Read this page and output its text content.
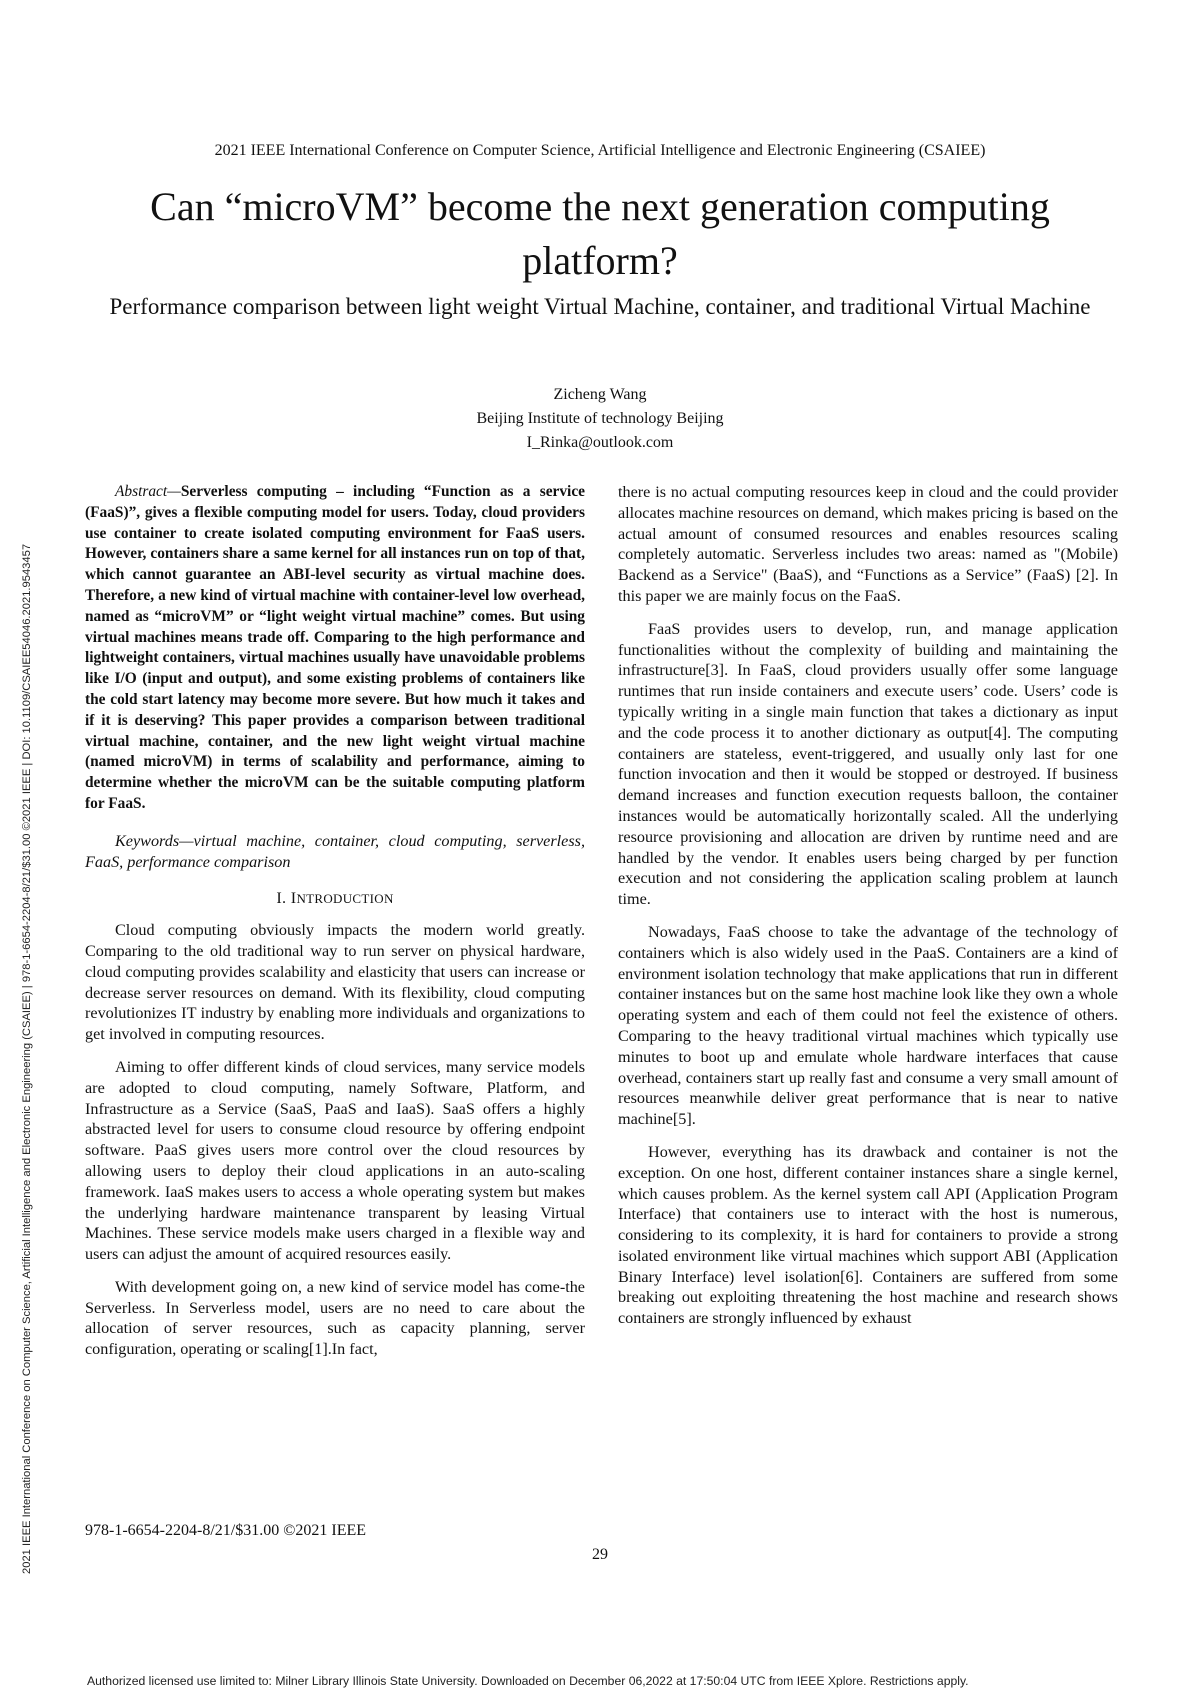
2021 IEEE International Conference on Computer Science, Artificial Intelligence and Electronic Engineering (CSAIEE) | 978-1-6654-2204-8/21/$31.00 ©2021 IEEE | DOI: 10.1109/CSAIEE54046.2021.9543457
2021 IEEE International Conference on Computer Science, Artificial Intelligence and Electronic Engineering (CSAIEE)
Can “microVM” become the next generation computing platform?
Performance comparison between light weight Virtual Machine, container, and traditional Virtual Machine
Zicheng Wang
Beijing Institute of technology Beijing
I_Rinka@outlook.com

Abstract—Serverless computing – including “Function as a service (FaaS)”, gives a flexible computing model for users. Today, cloud providers use container to create isolated computing environment for FaaS users. However, containers share a same kernel for all instances run on top of that, which cannot guarantee an ABI-level security as virtual machine does. Therefore, a new kind of virtual machine with container-level low overhead, named as “microVM” or “light weight virtual machine” comes. But using virtual machines means trade off. Comparing to the high performance and lightweight containers, virtual machines usually have unavoidable problems like I/O (input and output), and some existing problems of containers like the cold start latency may become more severe. But how much it takes and if it is deserving? This paper provides a comparison between traditional virtual machine, container, and the new light weight virtual machine (named microVM) in terms of scalability and performance, aiming to determine whether the microVM can be the suitable computing platform for FaaS.

Keywords—virtual machine, container, cloud computing, serverless, FaaS, performance comparison

I. INTRODUCTION

Cloud computing obviously impacts the modern world greatly. Comparing to the old traditional way to run server on physical hardware, cloud computing provides scalability and elasticity that users can increase or decrease server resources on demand. With its flexibility, cloud computing revolutionizes IT industry by enabling more individuals and organizations to get involved in computing resources.

Aiming to offer different kinds of cloud services, many service models are adopted to cloud computing, namely Software, Platform, and Infrastructure as a Service (SaaS, PaaS and IaaS). SaaS offers a highly abstracted level for users to consume cloud resource by offering endpoint software. PaaS gives users more control over the cloud resources by allowing users to deploy their cloud applications in an auto-scaling framework. IaaS makes users to access a whole operating system but makes the underlying hardware maintenance transparent by leasing Virtual Machines. These service models make users charged in a flexible way and users can adjust the amount of acquired resources easily.

With development going on, a new kind of service model has come-the Serverless. In Serverless model, users are no need to care about the allocation of server resources, such as capacity planning, server configuration, operating or scaling[1].In fact,

there is no actual computing resources keep in cloud and the could provider allocates machine resources on demand, which makes pricing is based on the actual amount of consumed resources and enables resources scaling completely automatic. Serverless includes two areas: named as "(Mobile) Backend as a Service" (BaaS), and “Functions as a Service” (FaaS) [2]. In this paper we are mainly focus on the FaaS.

FaaS provides users to develop, run, and manage application functionalities without the complexity of building and maintaining the infrastructure[3]. In FaaS, cloud providers usually offer some language runtimes that run inside containers and execute users’ code. Users’ code is typically writing in a single main function that takes a dictionary as input and the code process it to another dictionary as output[4]. The computing containers are stateless, event-triggered, and usually only last for one function invocation and then it would be stopped or destroyed. If business demand increases and function execution requests balloon, the container instances would be automatically horizontally scaled. All the underlying resource provisioning and allocation are driven by runtime need and are handled by the vendor. It enables users being charged by per function execution and not considering the application scaling problem at launch time.

Nowadays, FaaS choose to take the advantage of the technology of containers which is also widely used in the PaaS. Containers are a kind of environment isolation technology that make applications that run in different container instances but on the same host machine look like they own a whole operating system and each of them could not feel the existence of others. Comparing to the heavy traditional virtual machines which typically use minutes to boot up and emulate whole hardware interfaces that cause overhead, containers start up really fast and consume a very small amount of resources meanwhile deliver great performance that is near to native machine[5].

However, everything has its drawback and container is not the exception. On one host, different container instances share a single kernel, which causes problem. As the kernel system call API (Application Program Interface) that containers use to interact with the host is numerous, considering to its complexity, it is hard for containers to provide a strong isolated environment like virtual machines which support ABI (Application Binary Interface) level isolation[6]. Containers are suffered from some breaking out exploiting threatening the host machine and research shows containers are strongly influenced by exhaust

978-1-6654-2204-8/21/$31.00 ©2021 IEEE
29
Authorized licensed use limited to: Milner Library Illinois State University. Downloaded on December 06,2022 at 17:50:04 UTC from IEEE Xplore. Restrictions apply.
